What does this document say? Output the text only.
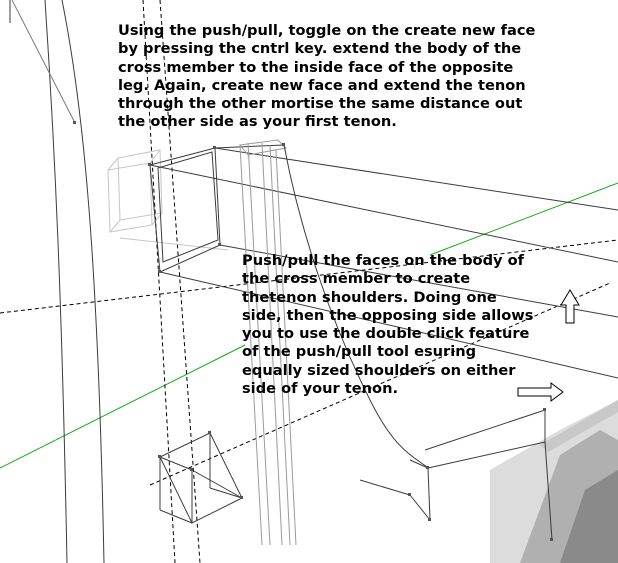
Using the push/pull, toggle on the create new face
by pressing the cntrl key. extend the body of the
cross member to the inside face of the opposite
leg. Again, create new face and extend the tenon
through the other mortise the same distance out
the other side as your first tenon.

Push/pull the faces on the body of
the cross member to create
thetenon shoulders. Doing one
side, then the opposing side allows
you to use the double click feature
of the push/pull tool esuring
equally sized shoulders on either
side of your tenon.
